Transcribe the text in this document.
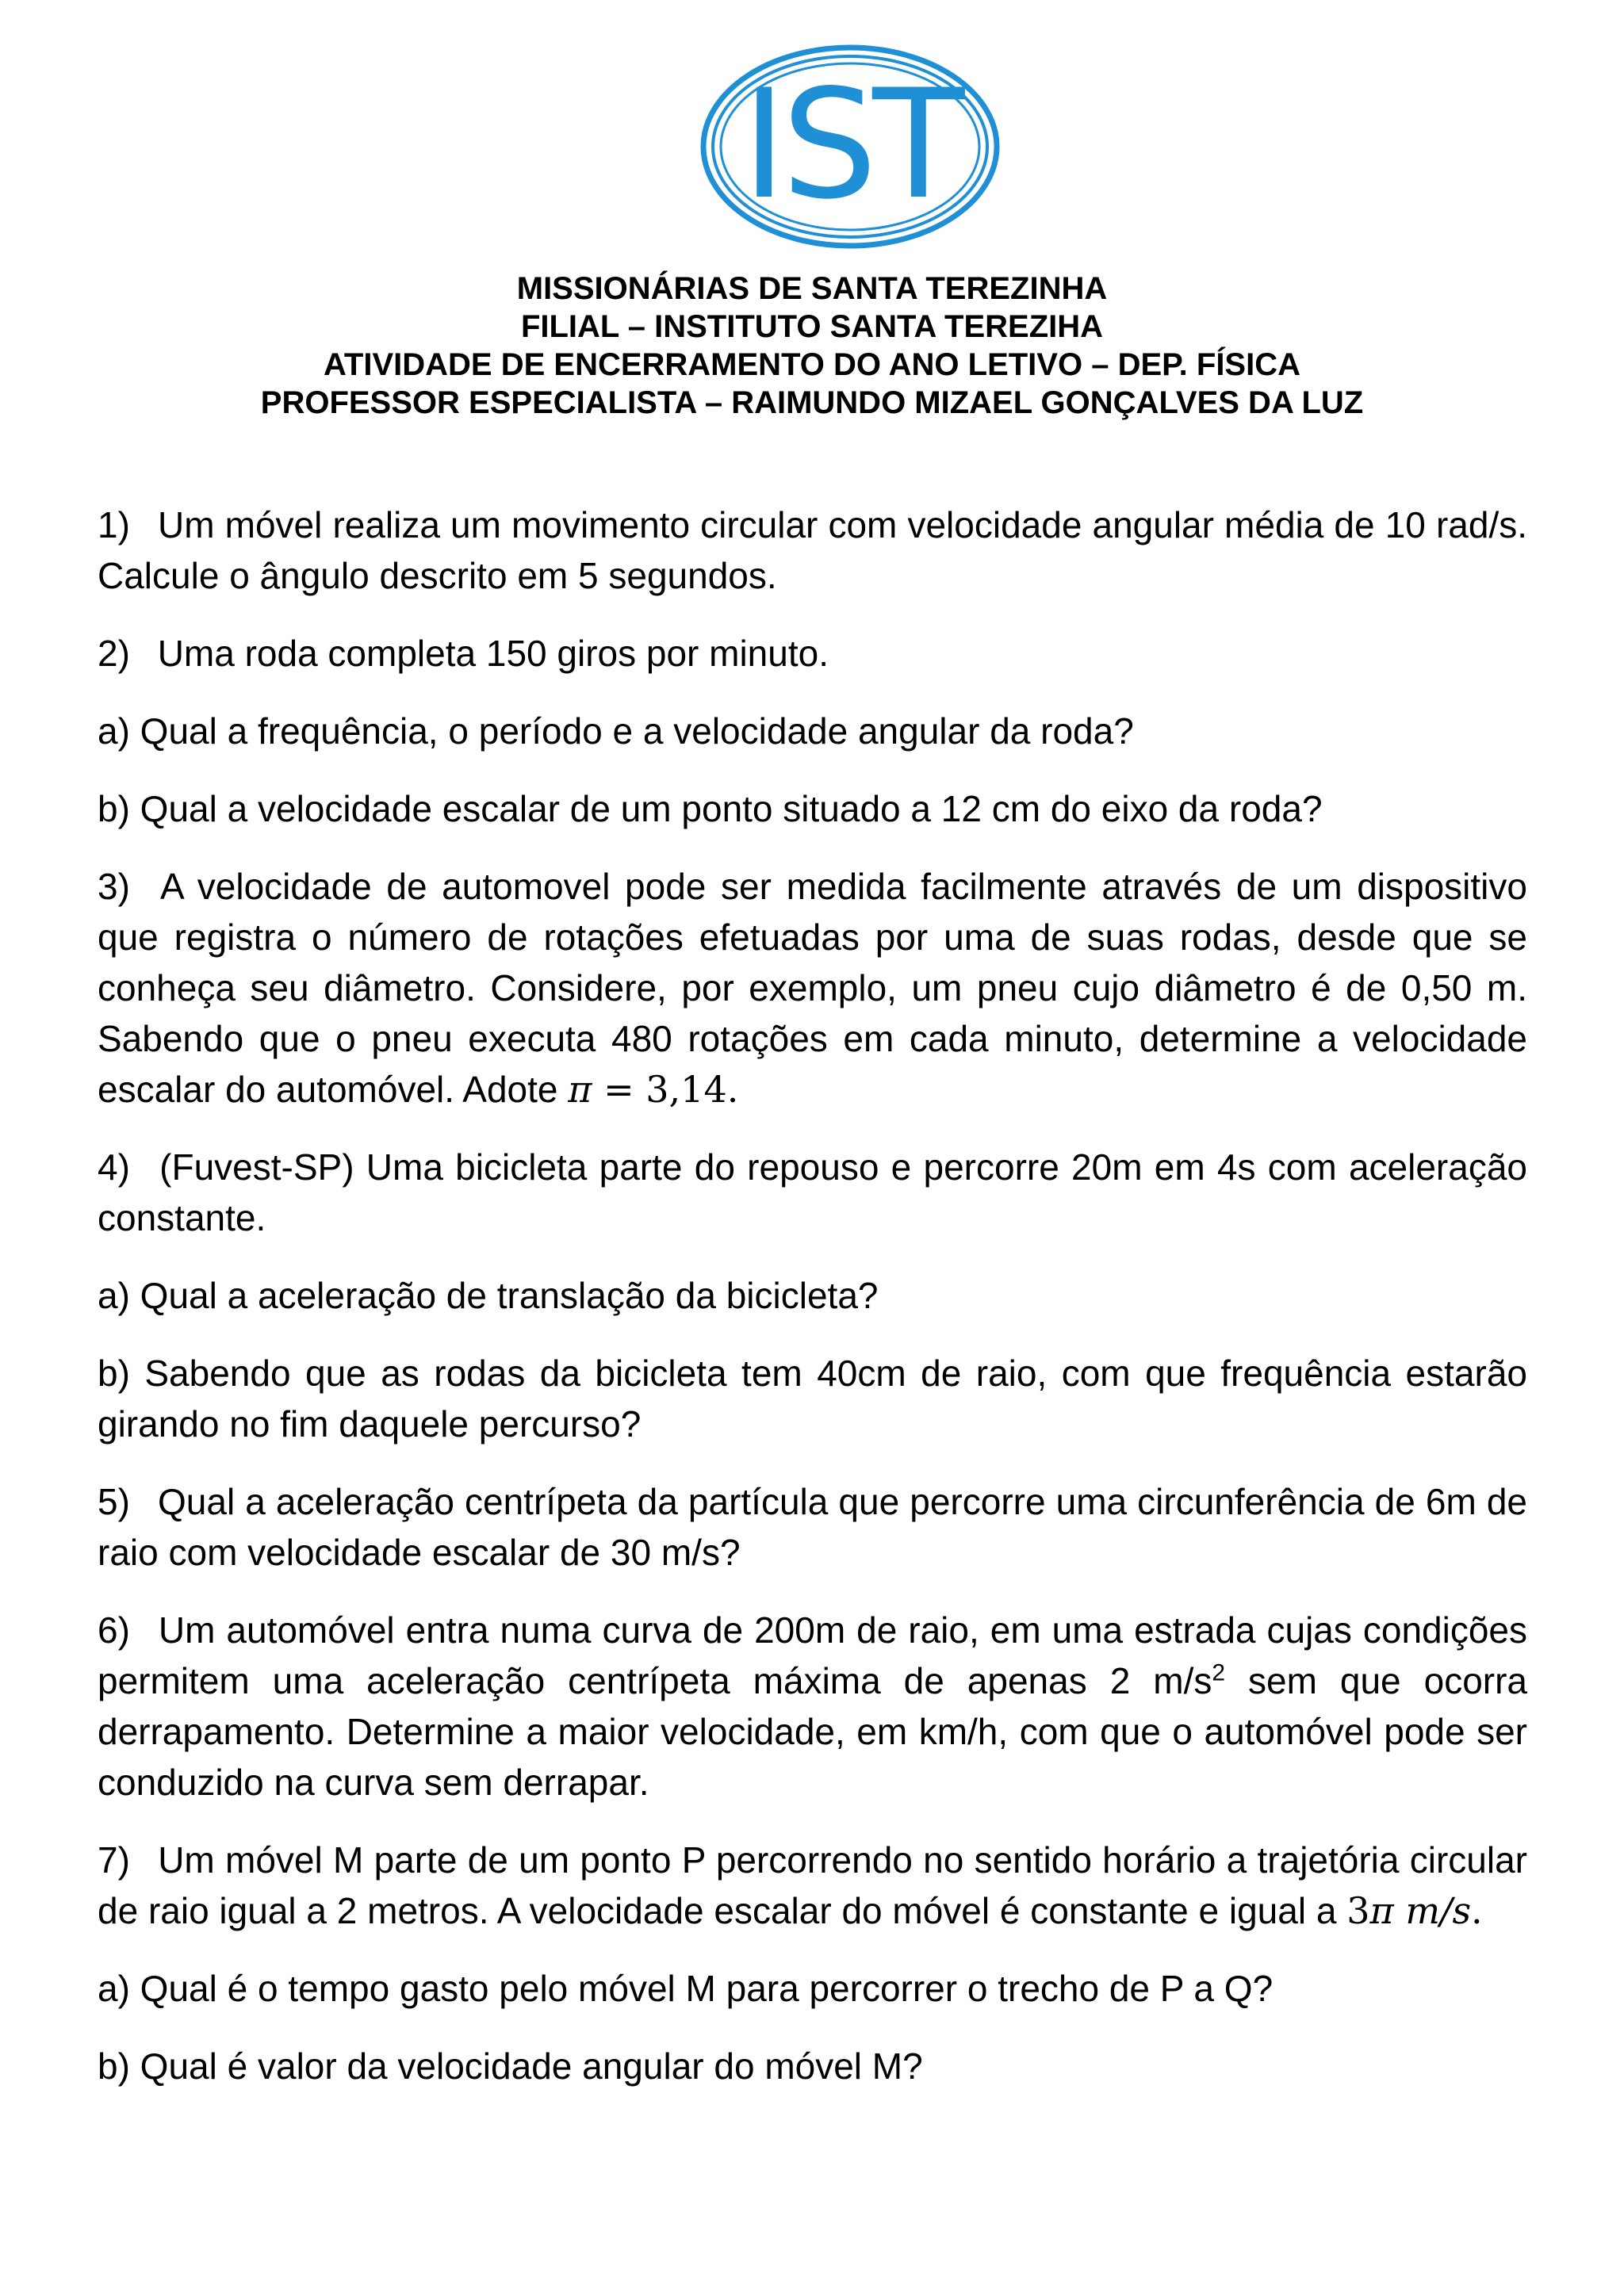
IST
MISSIONÁRIAS DE SANTA TEREZINHA
FILIAL – INSTITUTO SANTA TEREZIHA
ATIVIDADE DE ENCERRAMENTO DO ANO LETIVO – DEP. FÍSICA
PROFESSOR ESPECIALISTA – RAIMUNDO MIZAEL GONÇALVES DA LUZ

1) Um móvel realiza um movimento circular com velocidade angular média de 10 rad/s. Calcule o ângulo descrito em 5 segundos.

2) Uma roda completa 150 giros por minuto.

a) Qual a frequência, o período e a velocidade angular da roda?

b) Qual a velocidade escalar de um ponto situado a 12 cm do eixo da roda?

3) A velocidade de automovel pode ser medida facilmente através de um dispositivo que registra o número de rotações efetuadas por uma de suas rodas, desde que se conheça seu diâmetro. Considere, por exemplo, um pneu cujo diâmetro é de 0,50 m. Sabendo que o pneu executa 480 rotações em cada minuto, determine a velocidade escalar do automóvel. Adote π = 3,14.

4) (Fuvest-SP) Uma bicicleta parte do repouso e percorre 20m em 4s com aceleração constante.

a) Qual a aceleração de translação da bicicleta?

b) Sabendo que as rodas da bicicleta tem 40cm de raio, com que frequência estarão girando no fim daquele percurso?

5) Qual a aceleração centrípeta da partícula que percorre uma circunferência de 6m de raio com velocidade escalar de 30 m/s?

6) Um automóvel entra numa curva de 200m de raio, em uma estrada cujas condições permitem uma aceleração centrípeta máxima de apenas 2 $m/s^2$ sem que ocorra derrapamento. Determine a maior velocidade, em km/h, com que o automóvel pode ser conduzido na curva sem derrapar.

7) Um móvel M parte de um ponto P percorrendo no sentido horário a trajetória circular de raio igual a 2 metros. A velocidade escalar do móvel é constante e igual a 3π m/s.

a) Qual é o tempo gasto pelo móvel M para percorrer o trecho de P a Q?

b) Qual é valor da velocidade angular do móvel M?
